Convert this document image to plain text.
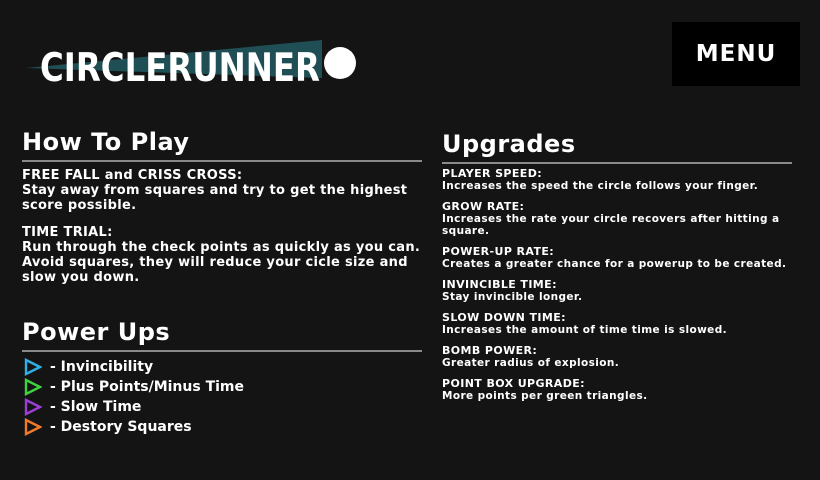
CIRCLERUNNER	MENU
How To Play
FREE FALL and CRISS CROSS:
Stay away from squares and try to get the highest score possible.
TIME TRIAL:
Run through the check points as quickly as you can. Avoid squares, they will reduce your cicle size and slow you down.
Power Ups
- Invincibility
- Plus Points/Minus Time
- Slow Time
- Destory Squares
Upgrades
PLAYER SPEED:
Increases the speed the circle follows your finger.
GROW RATE:
Increases the rate your circle recovers after hitting a square.
POWER-UP RATE:
Creates a greater chance for a powerup to be created.
INVINCIBLE TIME:
Stay invincible longer.
SLOW DOWN TIME:
Increases the amount of time time is slowed.
BOMB POWER:
Greater radius of explosion.
POINT BOX UPGRADE:
More points per green triangles.
